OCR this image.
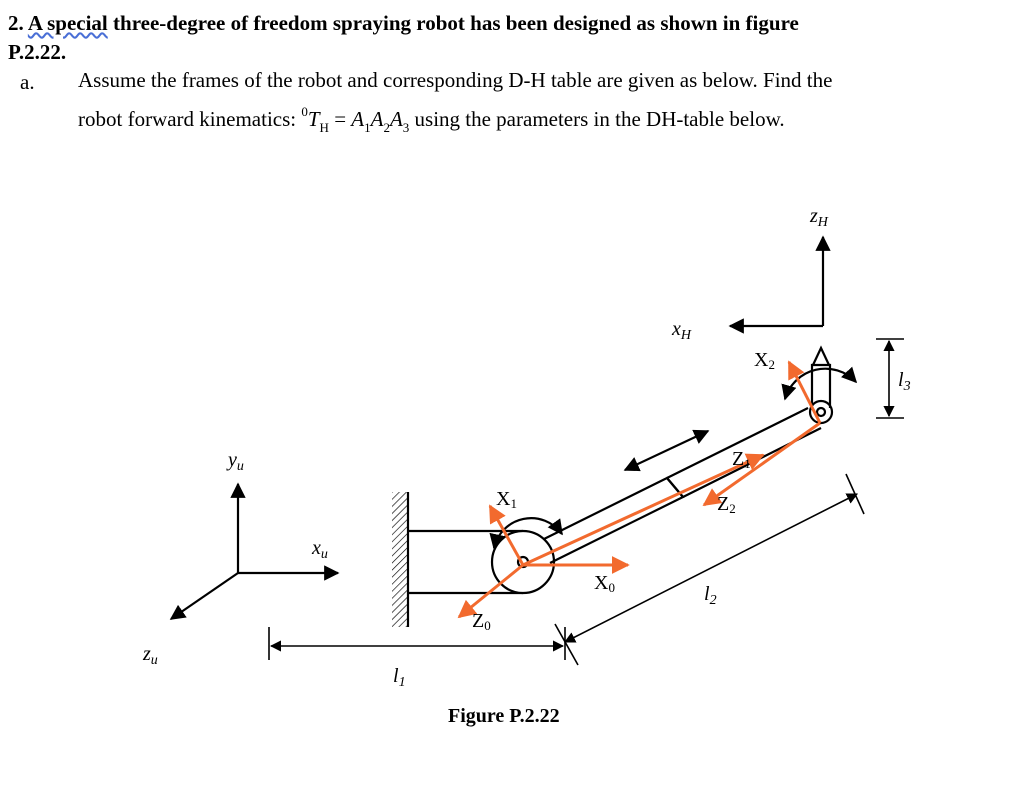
2. A special three-degree of freedom spraying robot has been designed as shown in figure
P.2.22.
a. Assume the frames of the robot and corresponding D-H table are given as below. Find the
robot forward kinematics: $^0T_H = A_1A_2A_3$ using the parameters in the DH-table below.
$y_u$
$x_u$
$z_u$
$l_1$
$l_2$
$l_3$
$x_H$
$z_H$
X0
Z0
X1
Z1
Z2
X2
Figure P.2.22
